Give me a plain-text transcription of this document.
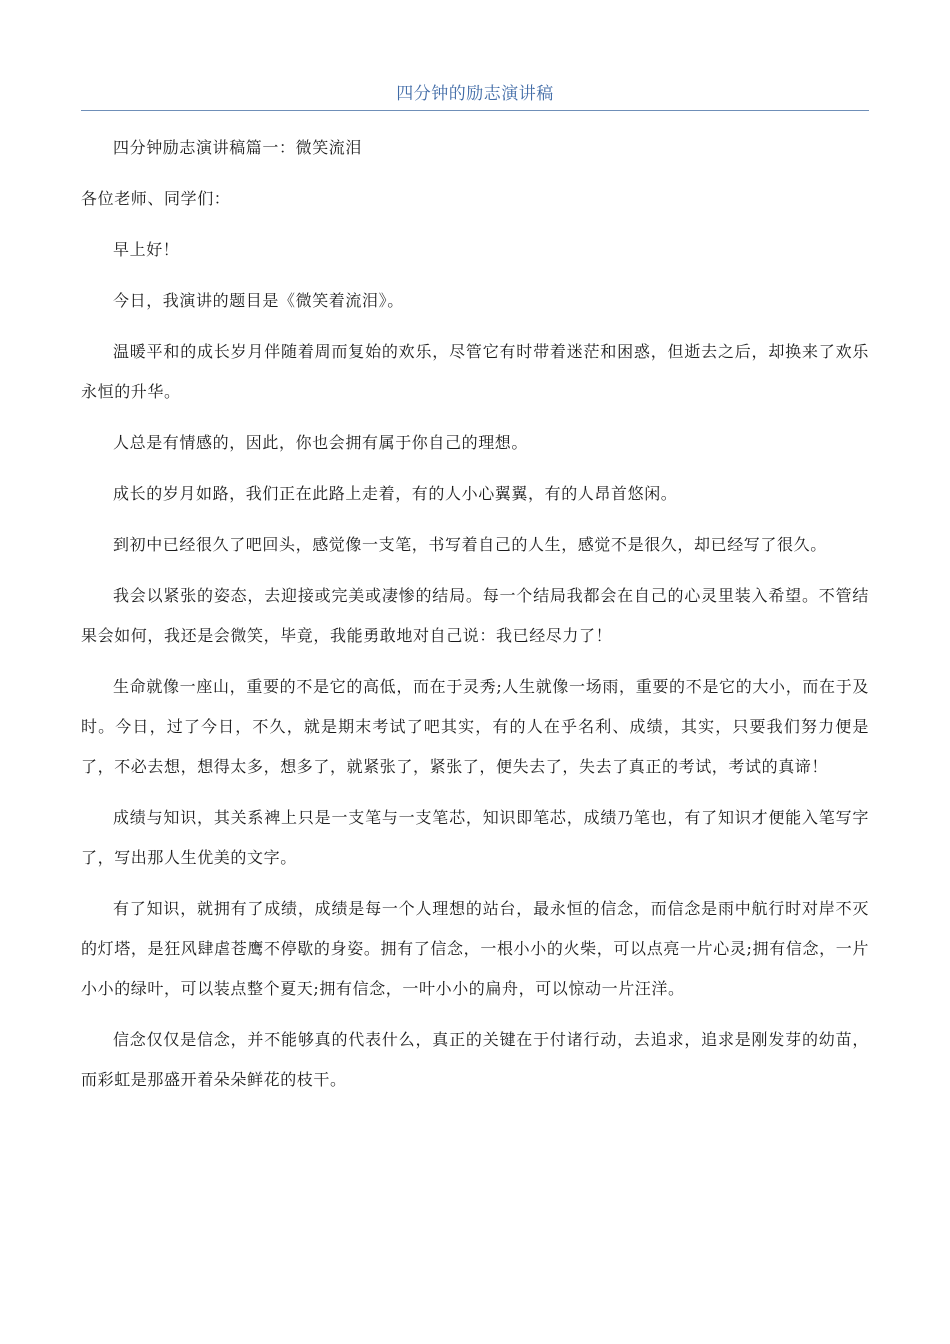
四分钟的励志演讲稿

四分钟励志演讲稿篇一：微笑流泪

各位老师、同学们：

早上好！

今日，我演讲的题目是《微笑着流泪》。

温暖平和的成长岁月伴随着周而复始的欢乐，尽管它有时带着迷茫和困惑，但逝去之后，却换来了欢乐永恒的升华。

人总是有情感的，因此，你也会拥有属于你自己的理想。

成长的岁月如路，我们正在此路上走着，有的人小心翼翼，有的人昂首悠闲。

到初中已经很久了吧回头，感觉像一支笔，书写着自己的人生，感觉不是很久，却已经写了很久。

我会以紧张的姿态，去迎接或完美或凄惨的结局。每一个结局我都会在自己的心灵里装入希望。不管结果会如何，我还是会微笑，毕竟，我能勇敢地对自己说：我已经尽力了！

生命就像一座山，重要的不是它的高低，而在于灵秀;人生就像一场雨，重要的不是它的大小，而在于及时。今日，过了今日，不久，就是期末考试了吧其实，有的人在乎名利、成绩，其实，只要我们努力便是了，不必去想，想得太多，想多了，就紧张了，紧张了，便失去了，失去了真正的考试，考试的真谛！

成绩与知识，其关系裨上只是一支笔与一支笔芯，知识即笔芯，成绩乃笔也，有了知识才便能入笔写字了，写出那人生优美的文字。

有了知识，就拥有了成绩，成绩是每一个人理想的站台，最永恒的信念，而信念是雨中航行时对岸不灭的灯塔，是狂风肆虐苍鹰不停歇的身姿。拥有了信念，一根小小的火柴，可以点亮一片心灵;拥有信念，一片小小的绿叶，可以装点整个夏天;拥有信念，一叶小小的扁舟，可以惊动一片汪洋。

信念仅仅是信念，并不能够真的代表什么，真正的关键在于付诸行动，去追求，追求是刚发芽的幼苗，而彩虹是那盛开着朵朵鲜花的枝干。
